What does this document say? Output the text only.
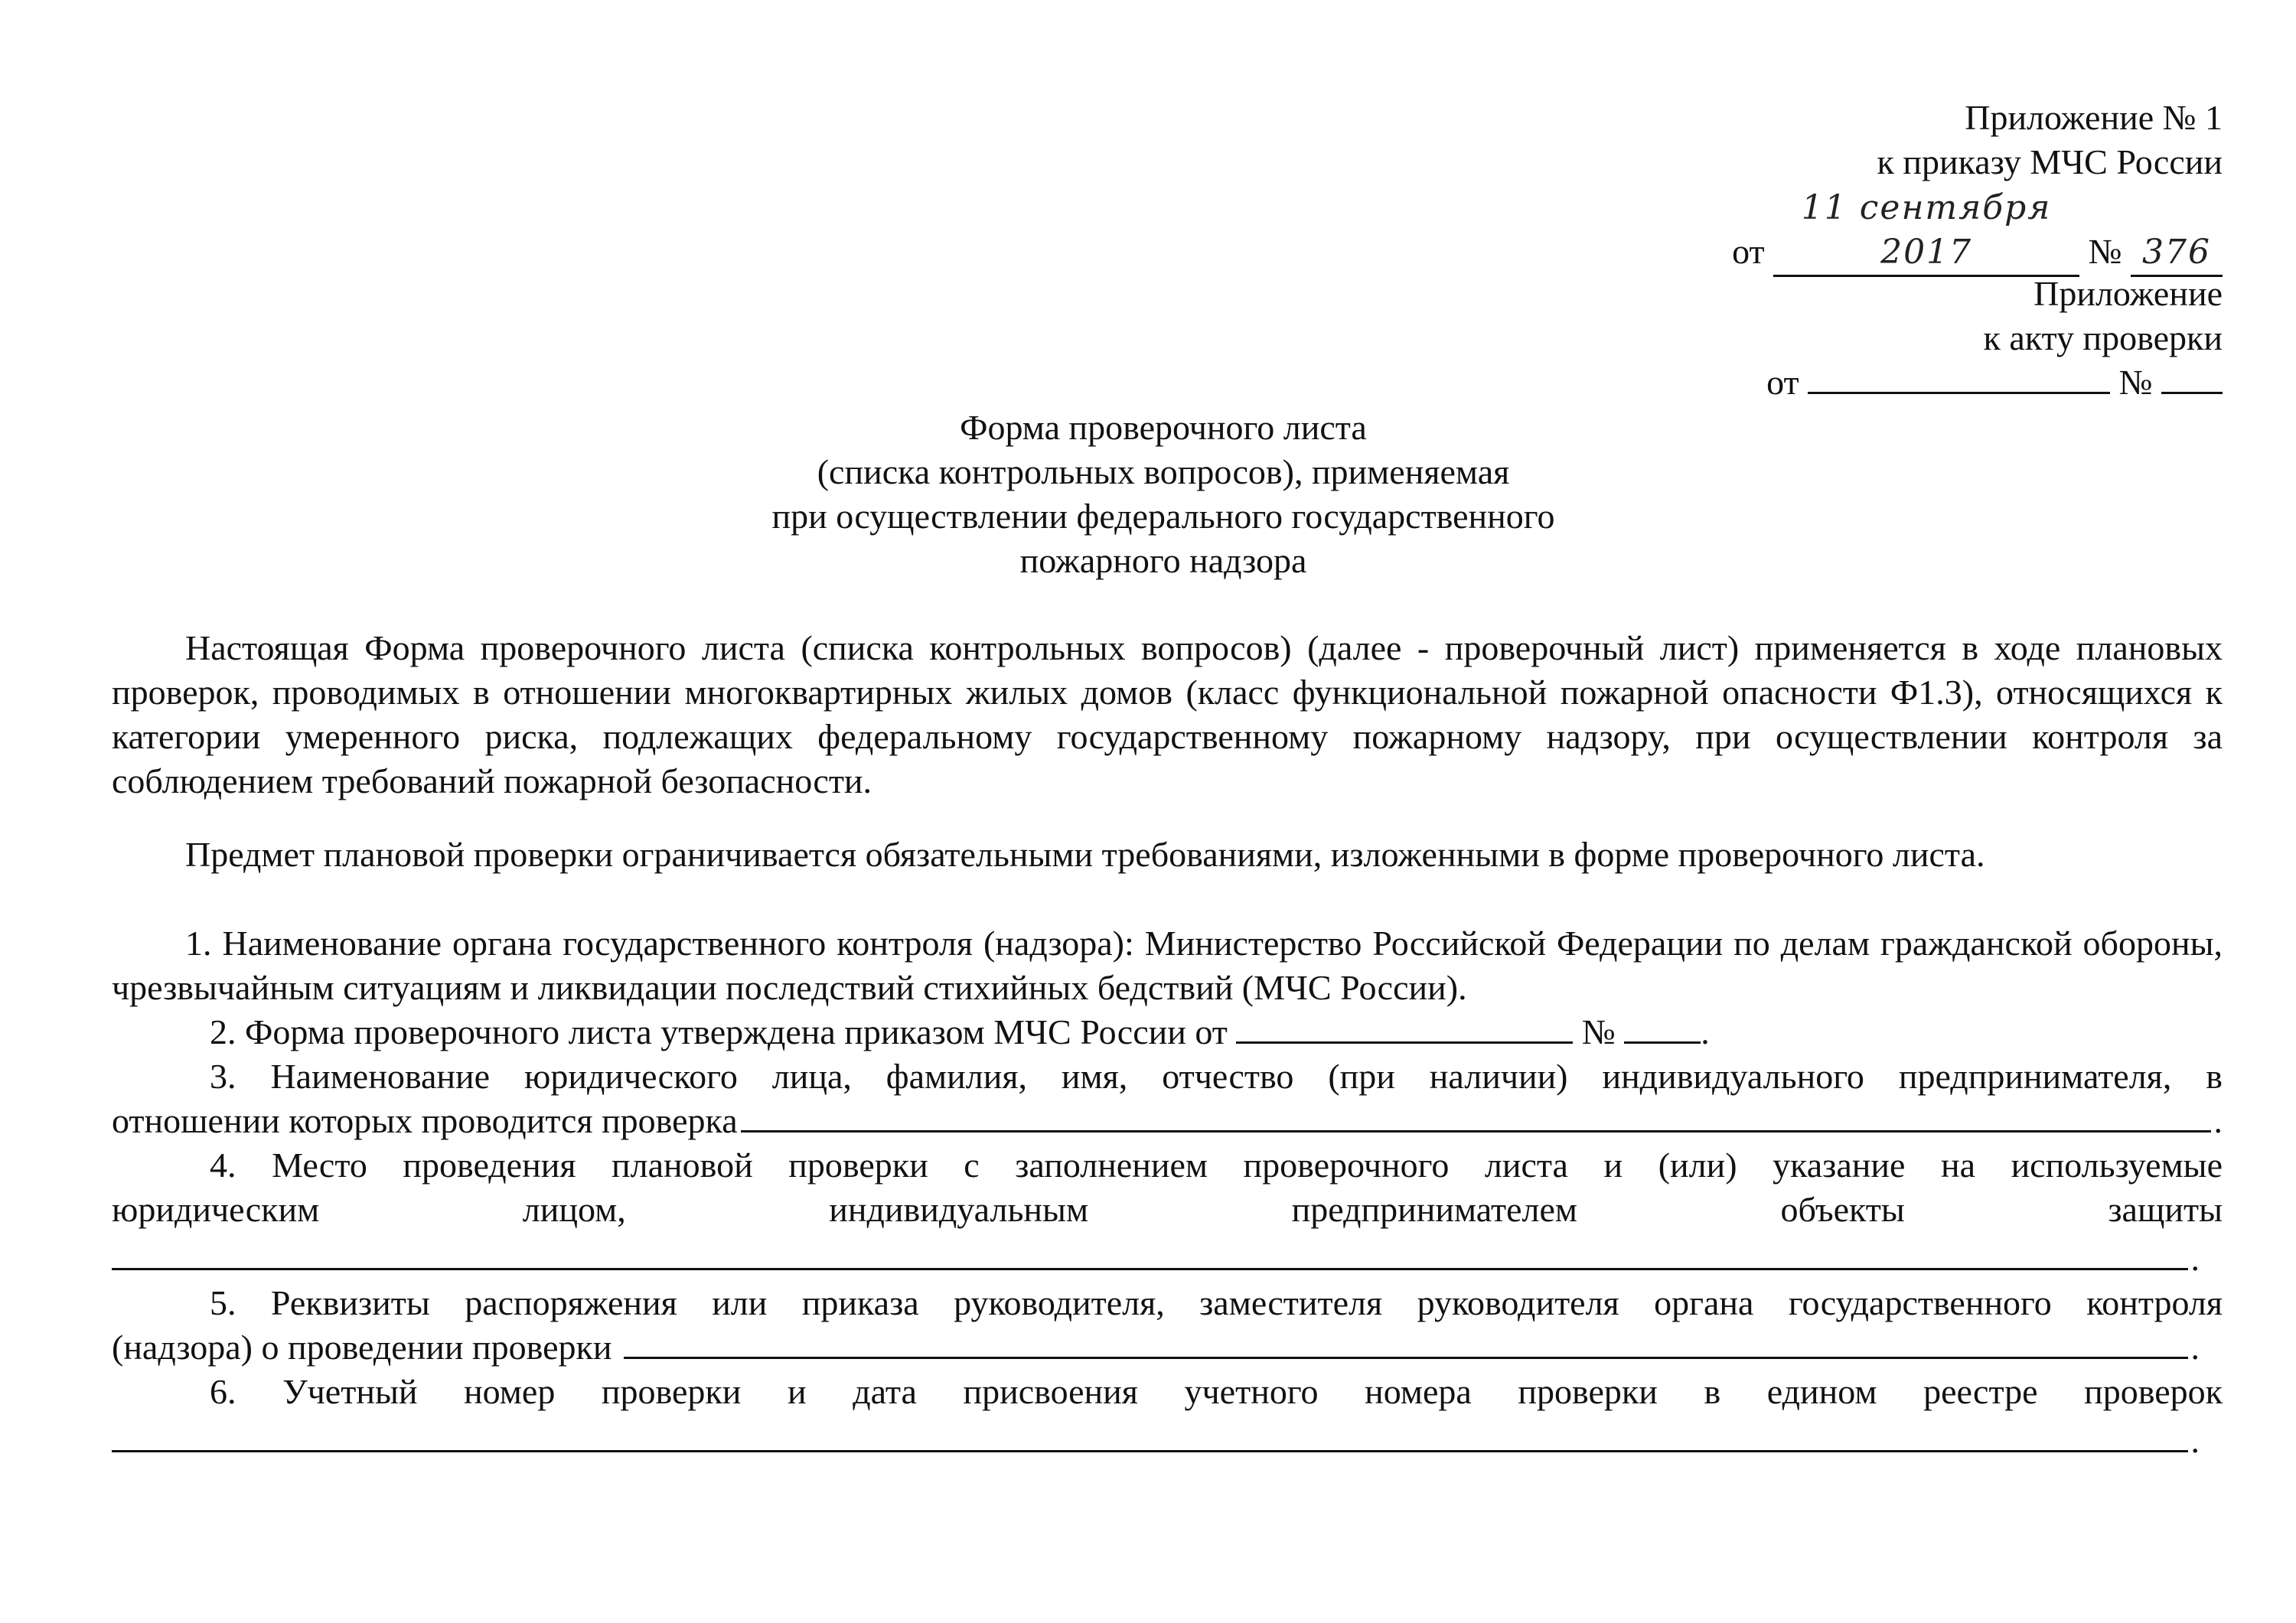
Приложение № 1
к приказу МЧС России
от 11 сентября 2017	№ 376
Приложение
к акту проверки
от	№
Форма проверочного листа
(списка контрольных вопросов), применяемая
при осуществлении федерального государственного
пожарного надзора
Настоящая Форма проверочного листа (списка контрольных вопросов) (далее - проверочный лист) применяется в ходе плановых проверок, проводимых в отношении многоквартирных жилых домов (класс функциональной пожарной опасности Ф1.3), относящихся к категории умеренного риска, подлежащих федеральному государственному пожарному надзору, при осуществлении контроля за соблюдением требований пожарной безопасности.
Предмет плановой проверки ограничивается обязательными требованиями, изложенными в форме проверочного листа.
1. Наименование органа государственного контроля (надзора): Министерство Российской Федерации по делам гражданской обороны, чрезвычайным ситуациям и ликвидации последствий стихийных бедствий (МЧС России).
2. Форма проверочного листа утверждена приказом МЧС России от	№ .
3. Наименование юридического лица, фамилия, имя, отчество (при наличии) индивидуального предпринимателя, в
отношении которых проводится проверка	.
4. Место проведения плановой проверки с заполнением проверочного листа и (или) указание на используемые
юридическим лицом, индивидуальным предпринимателем объекты защиты
.
5. Реквизиты распоряжения или приказа руководителя, заместителя руководителя органа государственного контроля
(надзора) о проведении проверки	.
6. Учетный номер проверки и дата присвоения учетного номера проверки в едином реестре проверок
.
